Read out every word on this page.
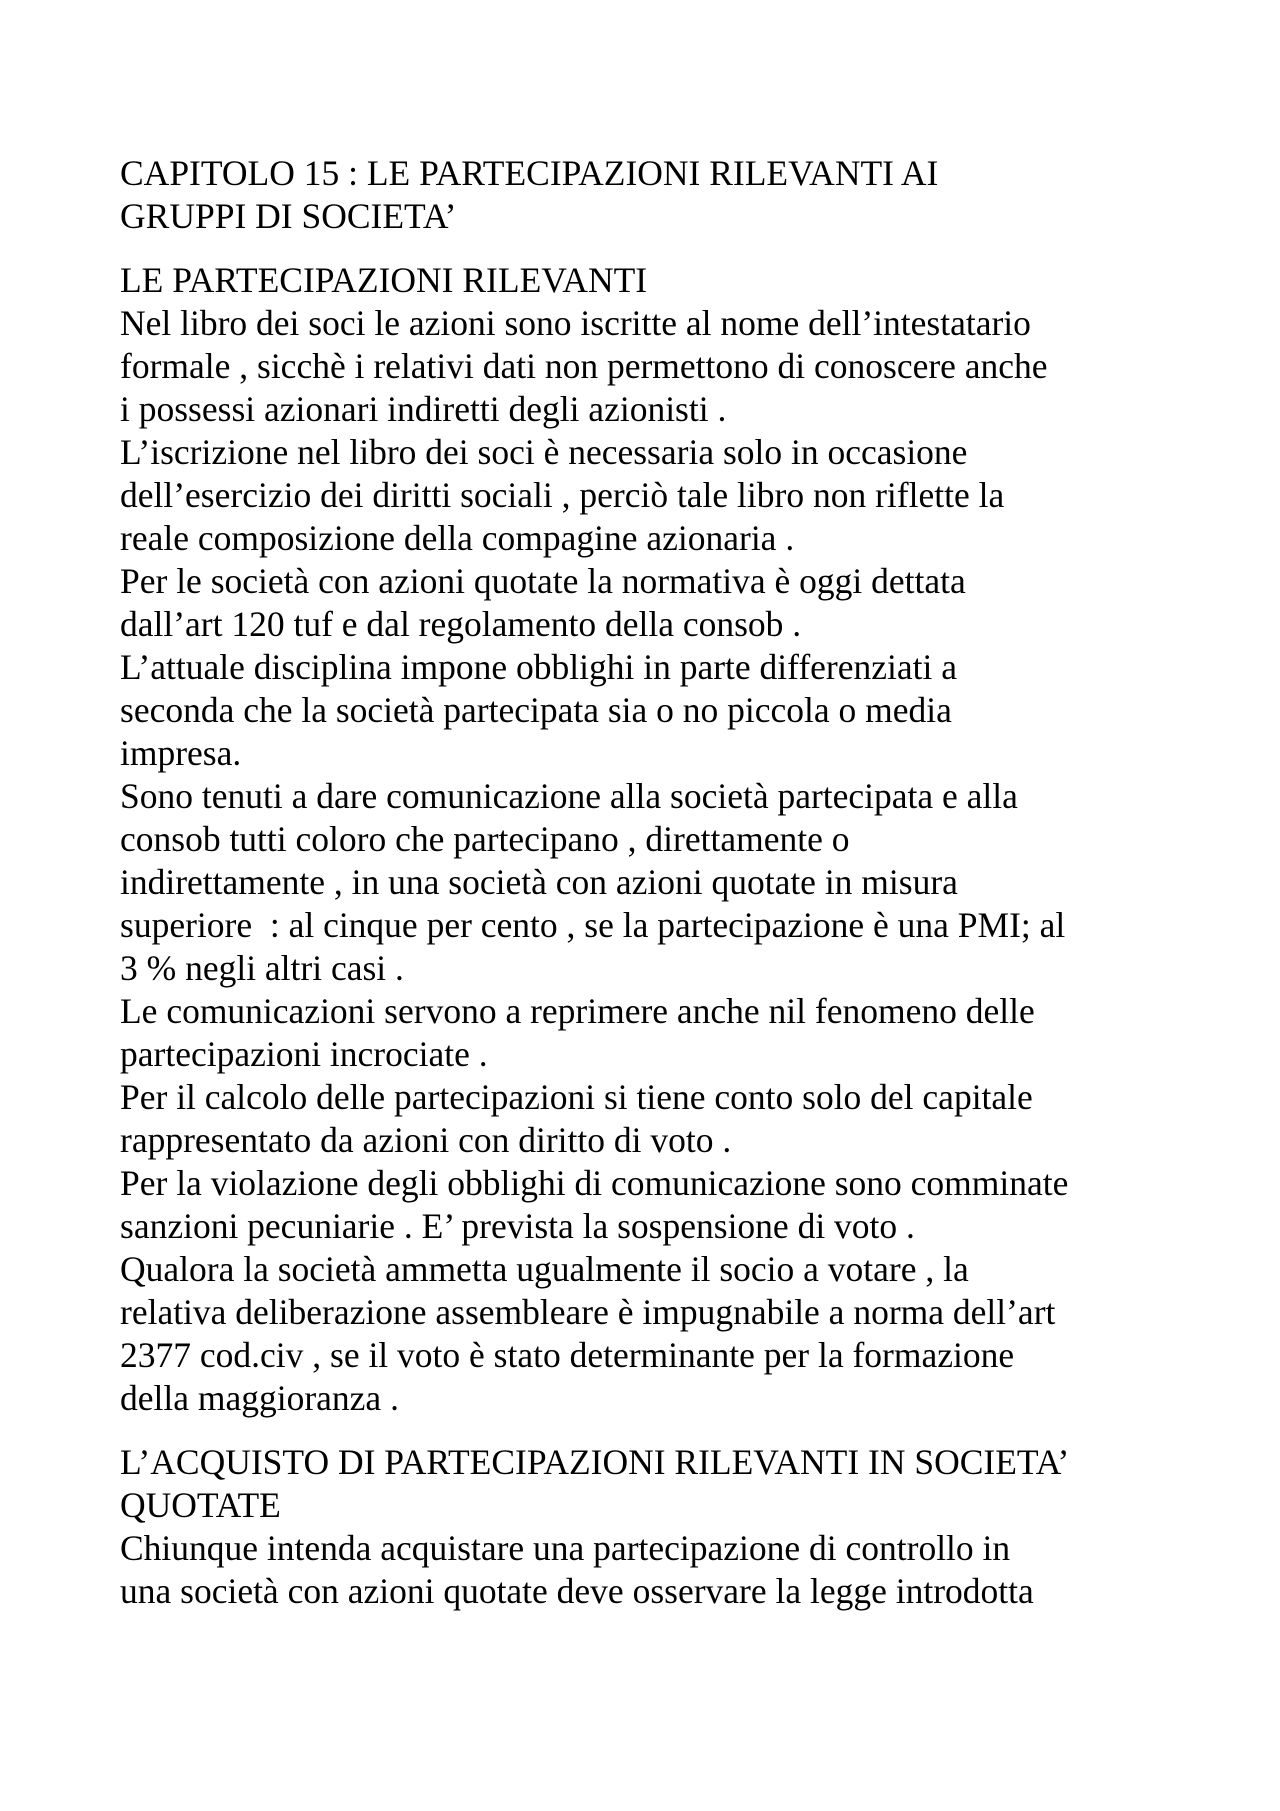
CAPITOLO 15 : LE PARTECIPAZIONI RILEVANTI AI
GRUPPI DI SOCIETA’
LE PARTECIPAZIONI RILEVANTI
Nel libro dei soci le azioni sono iscritte al nome dell’intestatario
formale , sicchè i relativi dati non permettono di conoscere anche
i possessi azionari indiretti degli azionisti .
L’iscrizione nel libro dei soci è necessaria solo in occasione
dell’esercizio dei diritti sociali , perciò tale libro non riflette la
reale composizione della compagine azionaria .
Per le società con azioni quotate la normativa è oggi dettata
dall’art 120 tuf e dal regolamento della consob .
L’attuale disciplina impone obblighi in parte differenziati a
seconda che la società partecipata sia o no piccola o media
impresa.
Sono tenuti a dare comunicazione alla società partecipata e alla
consob tutti coloro che partecipano , direttamente o
indirettamente , in una società con azioni quotate in misura
superiore  : al cinque per cento , se la partecipazione è una PMI; al
3 % negli altri casi .
Le comunicazioni servono a reprimere anche nil fenomeno delle
partecipazioni incrociate .
Per il calcolo delle partecipazioni si tiene conto solo del capitale
rappresentato da azioni con diritto di voto .
Per la violazione degli obblighi di comunicazione sono comminate
sanzioni pecuniarie . E’ prevista la sospensione di voto .
Qualora la società ammetta ugualmente il socio a votare , la
relativa deliberazione assembleare è impugnabile a norma dell’art
2377 cod.civ , se il voto è stato determinante per la formazione
della maggioranza .
L’ACQUISTO DI PARTECIPAZIONI RILEVANTI IN SOCIETA’
QUOTATE
Chiunque intenda acquistare una partecipazione di controllo in
una società con azioni quotate deve osservare la legge introdotta
